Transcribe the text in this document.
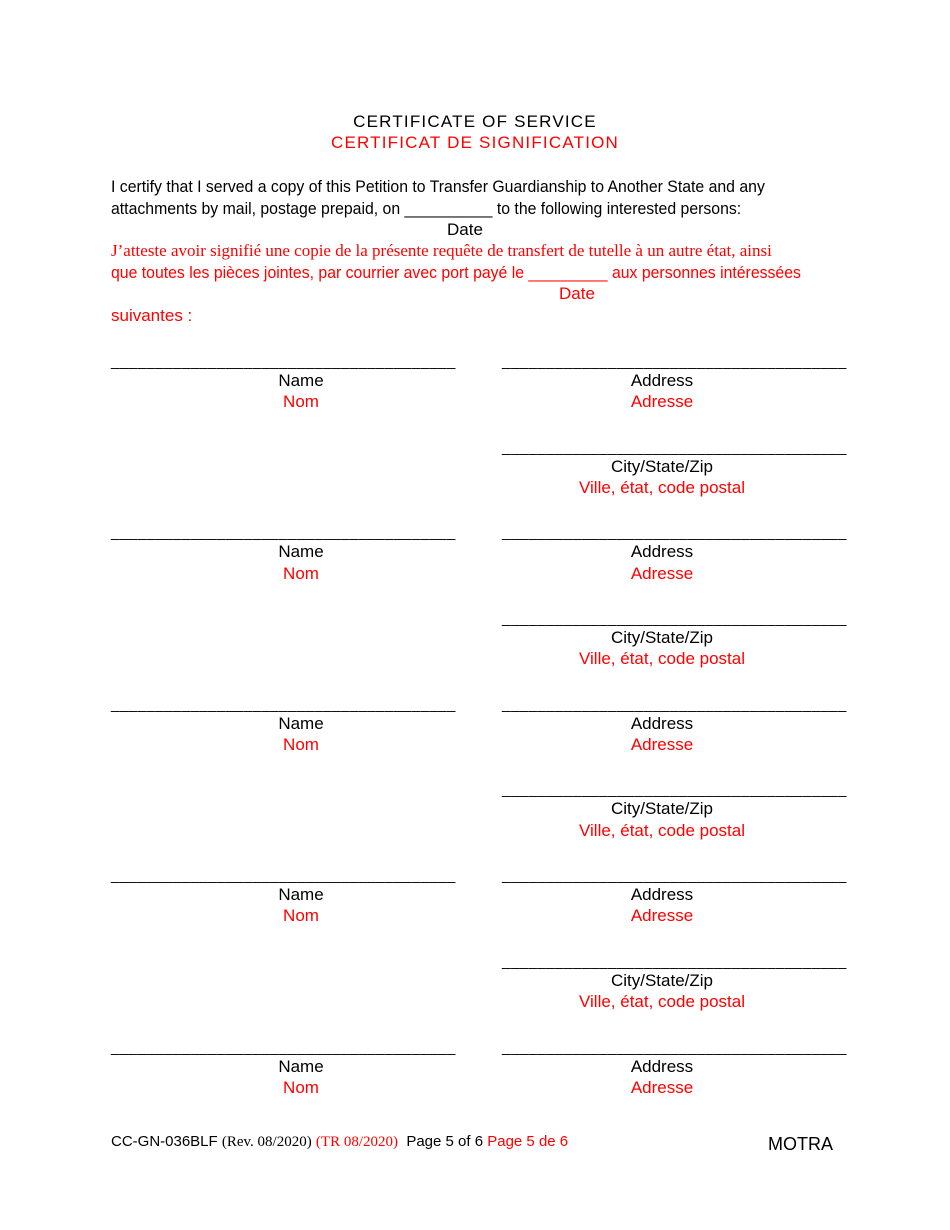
CERTIFICATE OF SERVICE
CERTIFICAT DE SIGNIFICATION
I certify that I served a copy of this Petition to Transfer Guardianship to Another State and any attachments by mail, postage prepaid, on __________ to the following interested persons:
Date
J’atteste avoir signifié une copie de la présente requête de transfert de tutelle à un autre état, ainsi
que toutes les pièces jointes, par courrier avec port payé le _________ aux personnes intéressées
Date
suivantes :
_______________________________________	_______________________________________
Name
Nom
Address
Adresse
_______________________________________
City/State/Zip
Ville, état, code postal
_______________________________________	_______________________________________
Name
Nom
Address
Adresse
_______________________________________
City/State/Zip
Ville, état, code postal
_______________________________________	_______________________________________
Name
Nom
Address
Adresse
_______________________________________
City/State/Zip
Ville, état, code postal
_______________________________________	_______________________________________
Name
Nom
Address
Adresse
_______________________________________
City/State/Zip
Ville, état, code postal
_______________________________________	_______________________________________
Name
Nom
Address
Adresse
CC-GN-036BLF (Rev. 08/2020) (TR 08/2020) Page 5 of 6 Page 5 de 6	MOTRA
